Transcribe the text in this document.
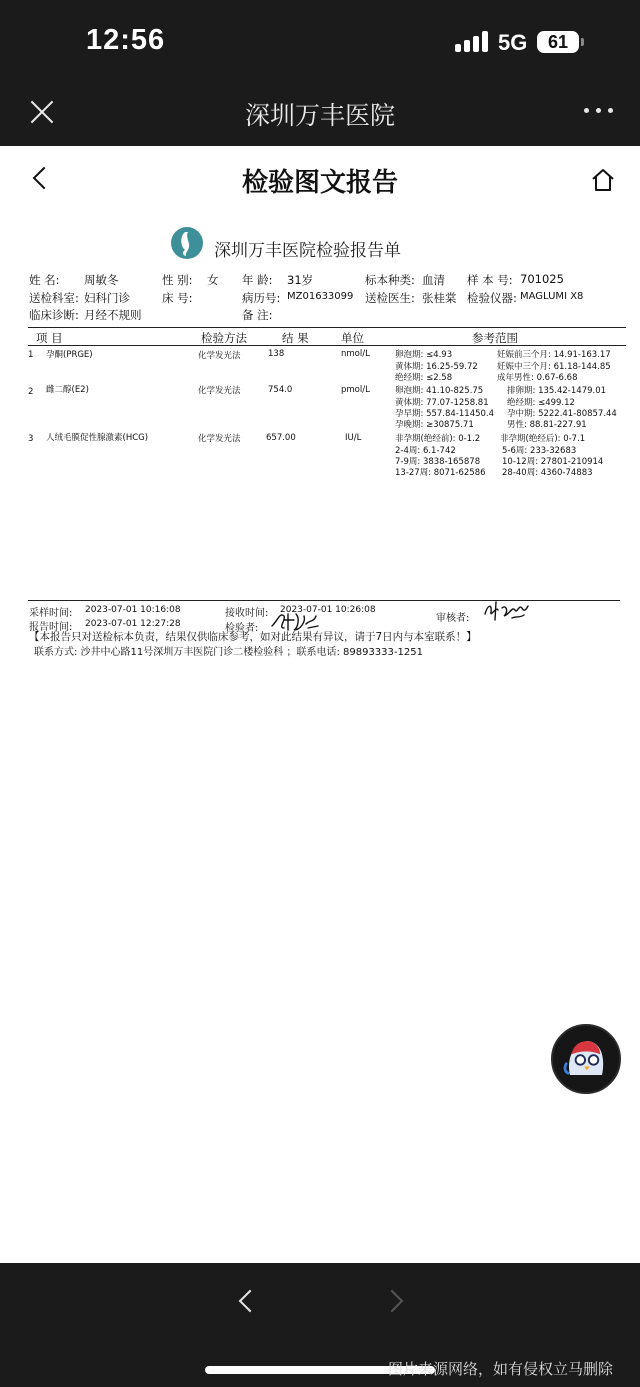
12:56	5G	61
深圳万丰医院
检验图文报告
深圳万丰医院检验报告单
姓 名: 周敏冬	性 别: 女 年 龄: 31岁	标本种类: 血清 样 本 号: 701025
送检科室: 妇科门诊	床 号:	病历号: MZ01633099 送检医生: 张桂棠 检验仪器: MAGLUMI X8
临床诊断: 月经不规则	备 注:
项 目	检验方法	结 果	单位	参考范围
1 孕酮(PRGE)	化学发光法	138	nmol/L	卵泡期: ≤4.93	妊娠前三个月: 14.91-163.17
黄体期: 16.25-59.72 妊娠中三个月: 61.18-144.85
绝经期: ≤2.58	成年男性: 0.67-6.68
2 雌二醇(E2)	化学发光法	754.0	pmol/L	卵泡期: 41.10-825.75	排卵期: 135.42-1479.01
黄体期: 77.07-1258.81 绝经期: ≤499.12
孕早期: 557.84-11450.4 孕中期: 5222.41-80857.44
孕晚期: ≥30875.71	男性: 88.81-227.91
3 人绒毛膜促性腺激素(HCG)	化学发光法	657.00	IU/L	非孕期(绝经前): 0-1.2 非孕期(绝经后): 0-7.1
2-4周: 6.1-742	5-6周: 233-32683
7-9周: 3838-165878	10-12周: 27801-210914
13-27周: 8071-62586 28-40周: 4360-74883
采样时间: 2023-07-01 10:16:08	接收时间: 2023-07-01 10:26:08
审核者:
报告时间: 2023-07-01 12:27:28	检验者:
【本报告只对送检标本负责，结果仅供临床参考，如对此结果有异议，请于7日内与本室联系！】
联系方式: 沙井中心路11号深圳万丰医院门诊二楼检验科 ；联系电话: 89893333-1251
图片来源网络，如有侵权立马删除
